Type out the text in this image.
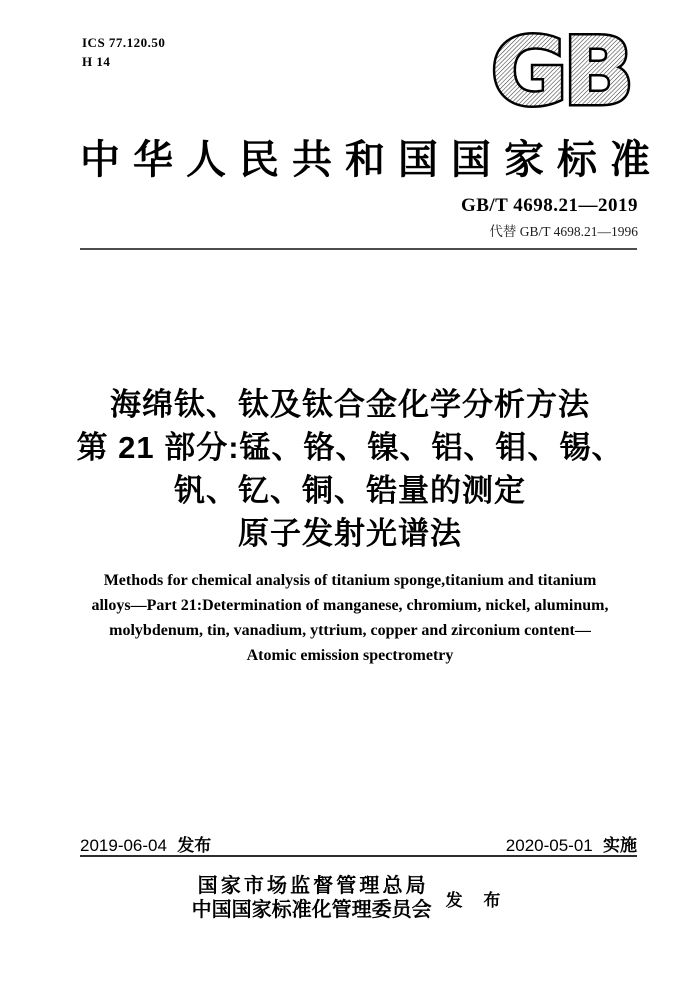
ICS 77.120.50
H 14	GB
中 华 人 民 共 和 国 国 家 标 准
GB/T 4698.21—2019
代替 GB/T 4698.21—1996
海绵钛、钛及钛合金化学分析方法
第 21 部分:锰、铬、镍、铝、钼、锡、
钒、钇、铜、锆量的测定
原子发射光谱法
Methods for chemical analysis of titanium sponge,titanium and titanium
alloys—Part 21:Determination of manganese, chromium, nickel, aluminum,
molybdenum, tin, vanadium, yttrium, copper and zirconium content—
Atomic emission spectrometry
2019-06-04 发布	2020-05-01 实施
国 家 市 场 监 督 管 理 总 局
中国国家标准化管理委员会 发 布
